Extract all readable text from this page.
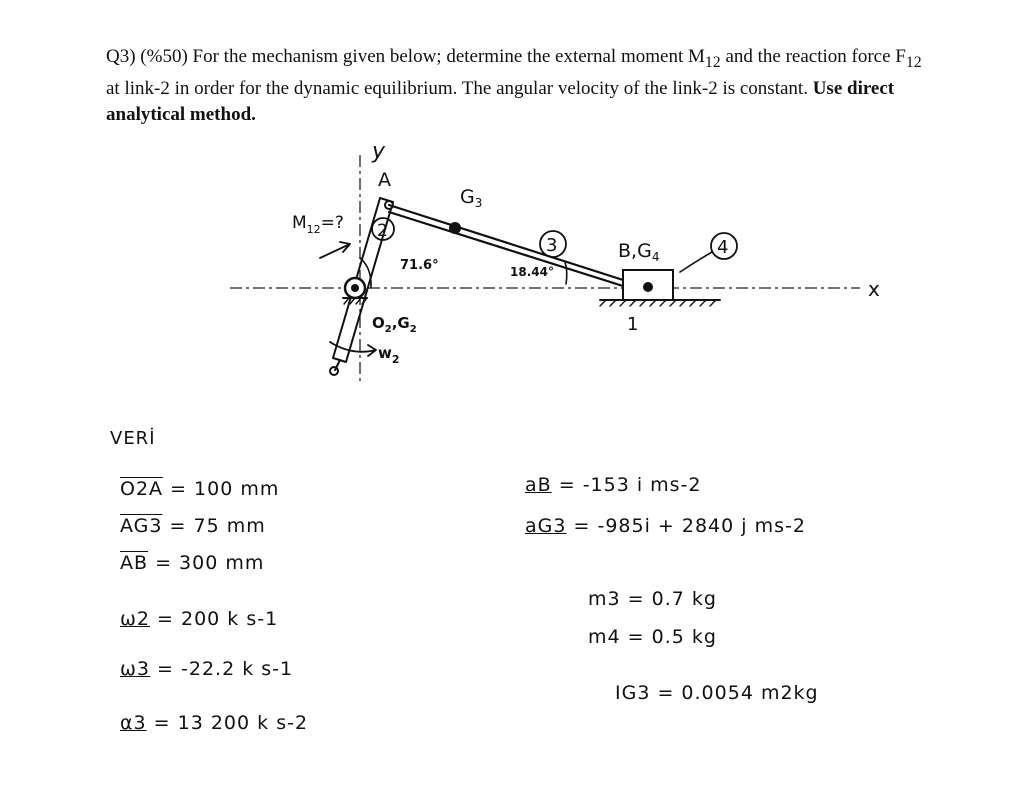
Q3) (%50) For the mechanism given below; determine the external moment $M_{12}$ and the reaction force $F_{12}$ at link-2 in order for the dynamic equilibrium. The angular velocity of the link-2 is constant. Use direct analytical method.
y
x
A
$G_3$
3
18.44°
1
$B,G_4$	4
2
71.6°
$M_{12}=$?
$O_2,G_2$
$w_2$
VERİ
O2A = 100 mm
AG3 = 75 mm
$\overline{AB} = 300$ mm
ω2 = 200 k s-1
ω3 = -22.2 k s-1
α3 = 13 200 k s-2
aB = -153 i ms-2
aG3 = -985i + 2840 j ms-2
m3 = 0.7 kg
m4 = 0.5 kg
IG3 = 0.0054 m2kg
